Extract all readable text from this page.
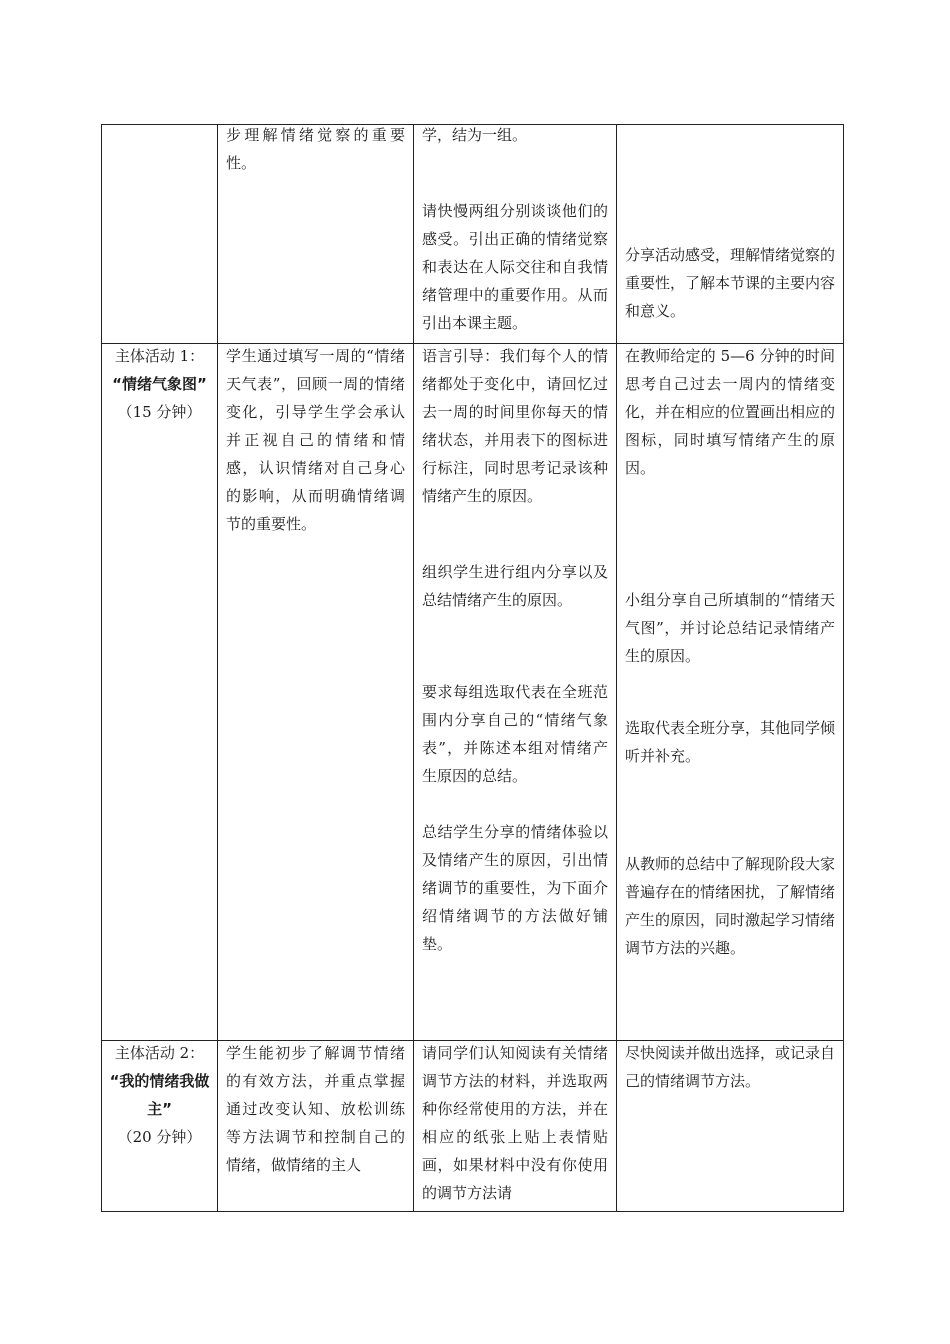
	步理解情绪觉察的重要性。	学，结为一组。
请快慢两组分别谈谈他们的感受。引出正确的情绪觉察和表达在人际交往和自我情绪管理中的重要作用。从而引出本课主题。	分享活动感受，理解情绪觉察的重要性，了解本节课的主要内容和意义。

主体活动 1：
“情绪气象图”
（15 分钟）	学生通过填写一周的“情绪天气表”，回顾一周的情绪变化，引导学生学会承认并正视自己的情绪和情感，认识情绪对自己身心的影响，从而明确情绪调节的重要性。	语言引导：我们每个人的情绪都处于变化中，请回忆过去一周的时间里你每天的情绪状态，并用表下的图标进行标注，同时思考记录该种情绪产生的原因。
组织学生进行组内分享以及总结情绪产生的原因。
要求每组选取代表在全班范围内分享自己的“情绪气象表”，并陈述本组对情绪产生原因的总结。
总结学生分享的情绪体验以及情绪产生的原因，引出情绪调节的重要性，为下面介绍情绪调节的方法做好铺垫。	在教师给定的 5—6 分钟的时间思考自己过去一周内的情绪变化，并在相应的位置画出相应的图标，同时填写情绪产生的原因。
小组分享自己所填制的“情绪天气图”，并讨论总结记录情绪产生的原因。
选取代表全班分享，其他同学倾听并补充。
从教师的总结中了解现阶段大家普遍存在的情绪困扰，了解情绪产生的原因，同时激起学习情绪调节方法的兴趣。

主体活动 2：
“我的情绪我做主”
（20 分钟）	学生能初步了解调节情绪的有效方法，并重点掌握通过改变认知、放松训练等方法调节和控制自己的情绪，做情绪的主人	请同学们认知阅读有关情绪调节方法的材料，并选取两种你经常使用的方法，并在相应的纸张上贴上表情贴画，如果材料中没有你使用的调节方法请	尽快阅读并做出选择，或记录自己的情绪调节方法。
